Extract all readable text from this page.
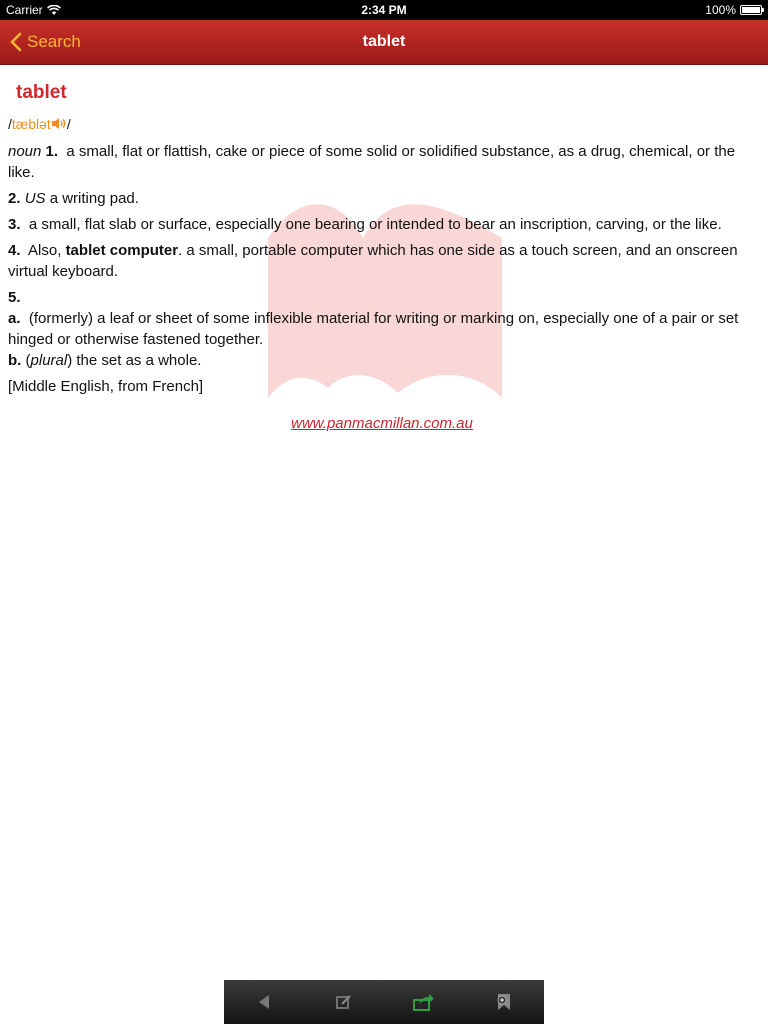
Carrier	2:34 PM	100%
Search	tablet
tablet
/tæblət /

noun 1. a small, flat or flattish, cake or piece of some solid or solidified substance, as a drug, chemical, or the like.

2. US a writing pad.

3. a small, flat slab or surface, especially one bearing or intended to bear an inscription, carving, or the like.

4. Also, tablet computer. a small, portable computer which has one side as a touch screen, and an onscreen virtual keyboard.

5.

a. (formerly) a leaf or sheet of some inflexible material for writing or marking on, especially one of a pair or set hinged or otherwise fastened together.

b. (plural) the set as a whole.

[Middle English, from French]

www.panmacmillan.com.au
